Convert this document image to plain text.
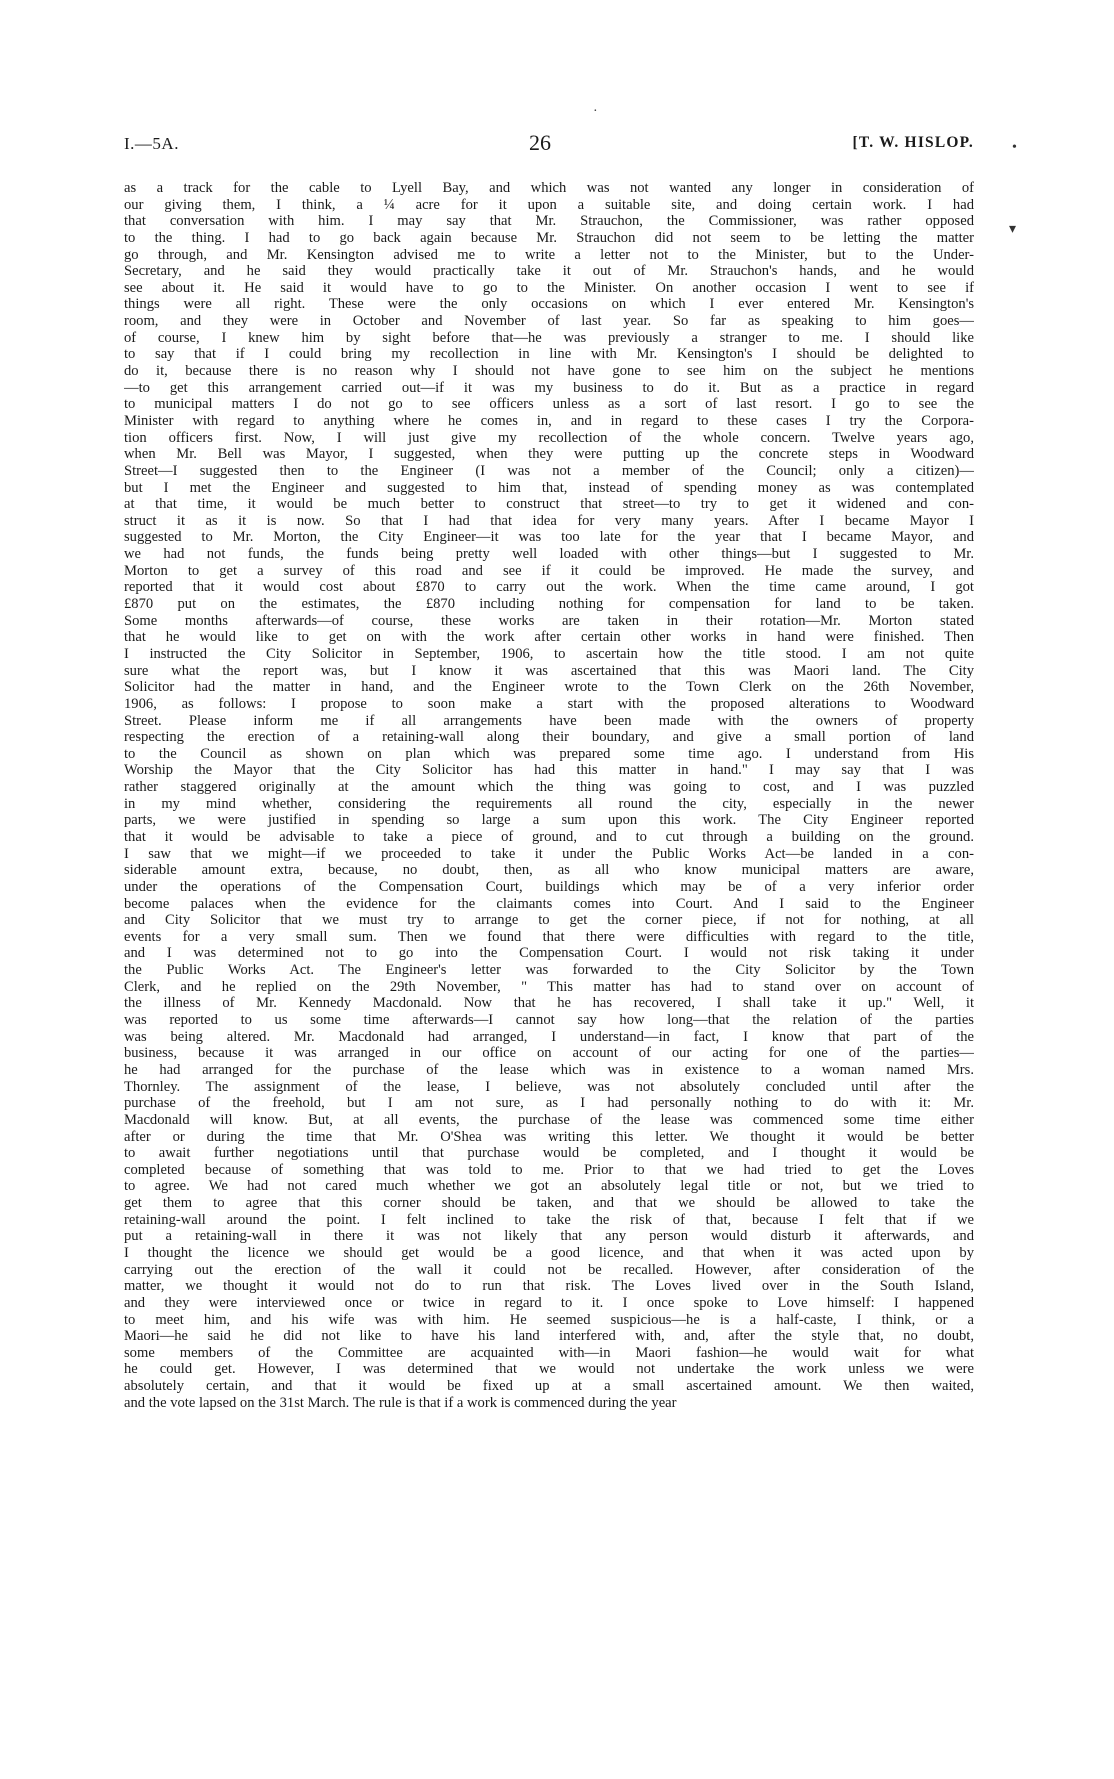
I.—5A.	26	[T. W. HISLOP.
as a track for the cable to Lyell Bay, and which was not wanted any longer in consideration of
our giving them, I think, a ¼ acre for it upon a suitable site, and doing certain work. I had
that conversation with him. I may say that Mr. Strauchon, the Commissioner, was rather opposed
to the thing. I had to go back again because Mr. Strauchon did not seem to be letting the matter
go through, and Mr. Kensington advised me to write a letter not to the Minister, but to the Under-
Secretary, and he said they would practically take it out of Mr. Strauchon's hands, and he would
see about it. He said it would have to go to the Minister. On another occasion I went to see if
things were all right. These were the only occasions on which I ever entered Mr. Kensington's
room, and they were in October and November of last year. So far as speaking to him goes—
of course, I knew him by sight before that—he was previously a stranger to me. I should like
to say that if I could bring my recollection in line with Mr. Kensington's I should be delighted to
do it, because there is no reason why I should not have gone to see him on the subject he mentions
—to get this arrangement carried out—if it was my business to do it. But as a practice in regard
to municipal matters I do not go to see officers unless as a sort of last resort. I go to see the
Minister with regard to anything where he comes in, and in regard to these cases I try the Corpora-
tion officers first. Now, I will just give my recollection of the whole concern. Twelve years ago,
when Mr. Bell was Mayor, I suggested, when they were putting up the concrete steps in Woodward
Street—I suggested then to the Engineer (I was not a member of the Council; only a citizen)—
but I met the Engineer and suggested to him that, instead of spending money as was contemplated
at that time, it would be much better to construct that street—to try to get it widened and con-
struct it as it is now. So that I had that idea for very many years. After I became Mayor I
suggested to Mr. Morton, the City Engineer—it was too late for the year that I became Mayor, and
we had not funds, the funds being pretty well loaded with other things—but I suggested to Mr.
Morton to get a survey of this road and see if it could be improved. He made the survey, and
reported that it would cost about £870 to carry out the work. When the time came around, I got
£870 put on the estimates, the £870 including nothing for compensation for land to be taken.
Some months afterwards—of course, these works are taken in their rotation—Mr. Morton stated
that he would like to get on with the work after certain other works in hand were finished. Then
I instructed the City Solicitor in September, 1906, to ascertain how the title stood. I am not quite
sure what the report was, but I know it was ascertained that this was Maori land. The City
Solicitor had the matter in hand, and the Engineer wrote to the Town Clerk on the 26th November,
1906, as follows: I propose to soon make a start with the proposed alterations to Woodward
Street. Please inform me if all arrangements have been made with the owners of property
respecting the erection of a retaining-wall along their boundary, and give a small portion of land
to the Council as shown on plan which was prepared some time ago. I understand from His
Worship the Mayor that the City Solicitor has had this matter in hand." I may say that I was
rather staggered originally at the amount which the thing was going to cost, and I was puzzled
in my mind whether, considering the requirements all round the city, especially in the newer
parts, we were justified in spending so large a sum upon this work. The City Engineer reported
that it would be advisable to take a piece of ground, and to cut through a building on the ground.
I saw that we might—if we proceeded to take it under the Public Works Act—be landed in a con-
siderable amount extra, because, no doubt, then, as all who know municipal matters are aware,
under the operations of the Compensation Court, buildings which may be of a very inferior order
become palaces when the evidence for the claimants comes into Court. And I said to the Engineer
and City Solicitor that we must try to arrange to get the corner piece, if not for nothing, at all
events for a very small sum. Then we found that there were difficulties with regard to the title,
and I was determined not to go into the Compensation Court. I would not risk taking it under
the Public Works Act. The Engineer's letter was forwarded to the City Solicitor by the Town
Clerk, and he replied on the 29th November, " This matter has had to stand over on account of
the illness of Mr. Kennedy Macdonald. Now that he has recovered, I shall take it up." Well, it
was reported to us some time afterwards—I cannot say how long—that the relation of the parties
was being altered. Mr. Macdonald had arranged, I understand—in fact, I know that part of the
business, because it was arranged in our office on account of our acting for one of the parties—
he had arranged for the purchase of the lease which was in existence to a woman named Mrs.
Thornley. The assignment of the lease, I believe, was not absolutely concluded until after the
purchase of the freehold, but I am not sure, as I had personally nothing to do with it: Mr.
Macdonald will know. But, at all events, the purchase of the lease was commenced some time either
after or during the time that Mr. O'Shea was writing this letter. We thought it would be better
to await further negotiations until that purchase would be completed, and I thought it would be
completed because of something that was told to me. Prior to that we had tried to get the Loves
to agree. We had not cared much whether we got an absolutely legal title or not, but we tried to
get them to agree that this corner should be taken, and that we should be allowed to take the
retaining-wall around the point. I felt inclined to take the risk of that, because I felt that if we
put a retaining-wall in there it was not likely that any person would disturb it afterwards, and
I thought the licence we should get would be a good licence, and that when it was acted upon by
carrying out the erection of the wall it could not be recalled. However, after consideration of the
matter, we thought it would not do to run that risk. The Loves lived over in the South Island,
and they were interviewed once or twice in regard to it. I once spoke to Love himself: I happened
to meet him, and his wife was with him. He seemed suspicious—he is a half-caste, I think, or a
Maori—he said he did not like to have his land interfered with, and, after the style that, no doubt,
some members of the Committee are acquainted with—in Maori fashion—he would wait for what
he could get. However, I was determined that we would not undertake the work unless we were
absolutely certain, and that it would be fixed up at a small ascertained amount. We then waited,
and the vote lapsed on the 31st March. The rule is that if a work is commenced during the year
·
•
▾
